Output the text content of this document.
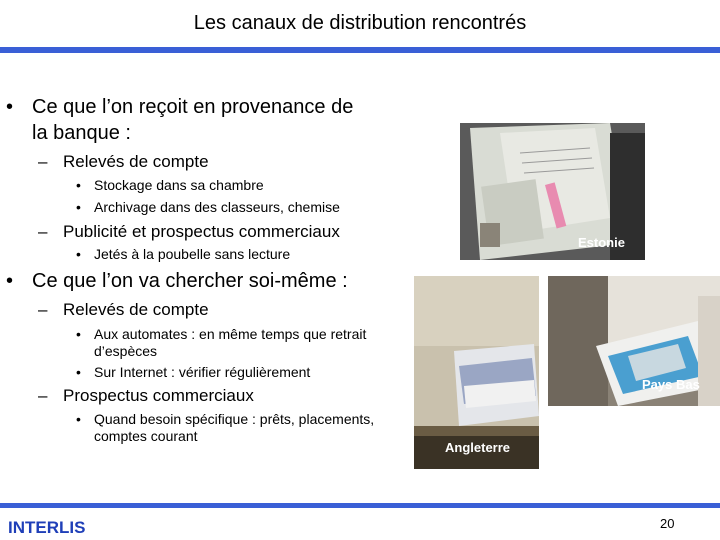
Les canaux de distribution rencontrés
• Ce que l’on reçoit en provenance de
la banque :
– Relevés de compte
• Stockage dans sa chambre
• Archivage dans des classeurs, chemise
– Publicité et prospectus commerciaux
• Jetés à la poubelle sans lecture
• Ce que l’on va chercher soi-même :
– Relevés de compte
• Aux automates : en même temps que retrait
d’espèces
• Sur Internet : vérifier régulièrement
– Prospectus commerciaux
• Quand besoin spécifique : prêts, placements,
comptes courant
Estonie
Pays Bas
Angleterre
INTERLIS	20
